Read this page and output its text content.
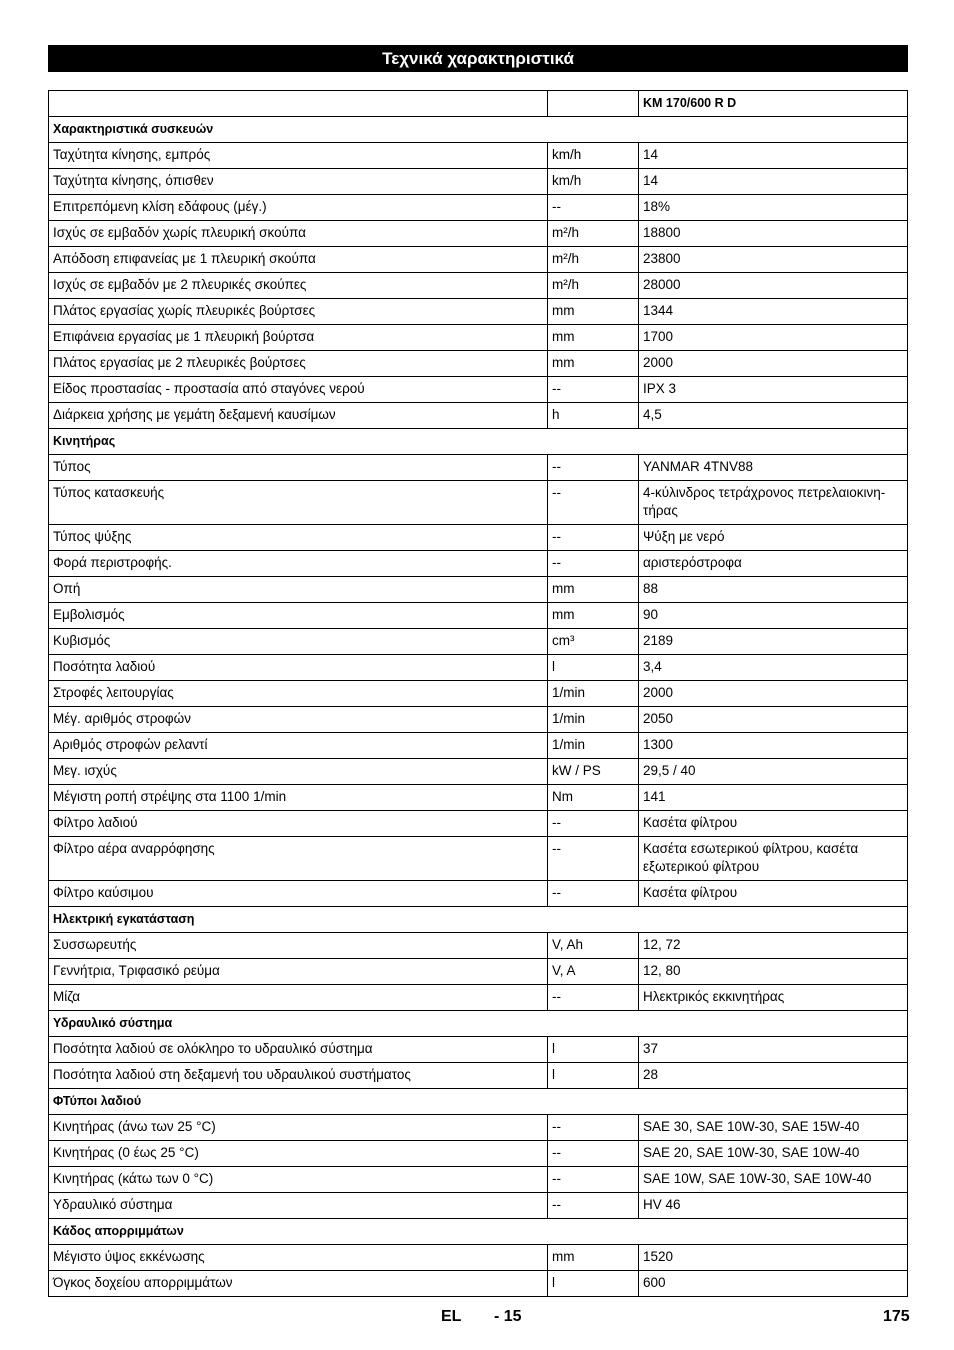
Τεχνικά χαρακτηριστικά
		KM 170/600 R D
Χαρακτηριστικά συσκευών		
Ταχύτητα κίνησης, εμπρός	km/h	14
Ταχύτητα κίνησης, όπισθεν	km/h	14
Επιτρεπόμενη κλίση εδάφους (μέγ.)	--	18%
Ισχύς σε εμβαδόν χωρίς πλευρική σκούπα	m²/h	18800
Απόδοση επιφανείας με 1 πλευρική σκούπα	m²/h	23800
Ισχύς σε εμβαδόν με 2 πλευρικές σκούπες	m²/h	28000
Πλάτος εργασίας χωρίς πλευρικές βούρτσες	mm	1344
Επιφάνεια εργασίας με 1 πλευρική βούρτσα	mm	1700
Πλάτος εργασίας με 2 πλευρικές βούρτσες	mm	2000
Είδος προστασίας - προστασία από σταγόνες νερού	--	IPX 3
Διάρκεια χρήσης με γεμάτη δεξαμενή καυσίμων	h	4,5
Κινητήρας		
Τύπος	--	YANMAR 4TNV88
Τύπος κατασκευής	--	4-κύλινδρος τετράχρονος πετρελαιοκινη-τήρας
Τύπος ψύξης	--	Ψύξη με νερό
Φορά περιστροφής.	--	αριστερόστροφα
Οπή	mm	88
Εμβολισμός	mm	90
Κυβισμός	cm³	2189
Ποσότητα λαδιού	l	3,4
Στροφές λειτουργίας	1/min	2000
Μέγ. αριθμός στροφών	1/min	2050
Αριθμός στροφών ρελαντί	1/min	1300
Μεγ. ισχύς	kW / PS	29,5 / 40
Μέγιστη ροπή στρέψης στα 1100 1/min	Nm	141
Φίλτρο λαδιού	--	Κασέτα φίλτρου
Φίλτρο αέρα αναρρόφησης	--	Κασέτα εσωτερικού φίλτρου, κασέτα εξωτερικού φίλτρου
Φίλτρο καύσιμου	--	Κασέτα φίλτρου
Ηλεκτρική εγκατάσταση		
Συσσωρευτής	V, Ah	12, 72
Γεννήτρια, Τριφασικό ρεύμα	V, A	12, 80
Μίζα	--	Ηλεκτρικός εκκινητήρας
Υδραυλικό σύστημα		
Ποσότητα λαδιού σε ολόκληρο το υδραυλικό σύστημα	l	37
Ποσότητα λαδιού στη δεξαμενή του υδραυλικού συστήματος	l	28
ΦΤύποι λαδιού		
Κινητήρας (άνω των 25 °C)	--	SAE 30, SAE 10W-30, SAE 15W-40
Κινητήρας (0 έως 25 °C)	--	SAE 20, SAE 10W-30, SAE 10W-40
Κινητήρας (κάτω των 0 °C)	--	SAE 10W, SAE 10W-30, SAE 10W-40
Υδραυλικό σύστημα	--	HV 46
Κάδος απορριμμάτων		
Μέγιστο ύψος εκκένωσης	mm	1520
Όγκος δοχείου απορριμμάτων	l	600
EL - 15	175
